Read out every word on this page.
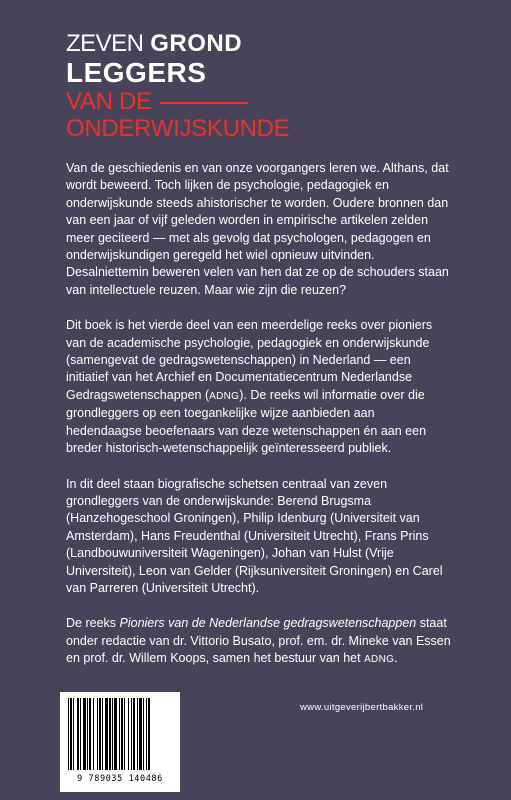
ZEVEN GROND
LEGGERS
VAN DE
ONDERWIJSKUNDE

Van de geschiedenis en van onze voorgangers leren we. Althans, dat wordt beweerd. Toch lijken de psychologie, pedagogiek en onderwijskunde steeds ahistorischer te worden. Oudere bronnen dan van een jaar of vijf geleden worden in empirische artikelen zelden meer geciteerd — met als gevolg dat psychologen, pedagogen en onderwijskundigen geregeld het wiel opnieuw uitvinden. Desalniettemin beweren velen van hen dat ze op de schouders staan van intellectuele reuzen. Maar wie zijn die reuzen?

Dit boek is het vierde deel van een meerdelige reeks over pioniers van de academische psychologie, pedagogiek en onderwijskunde (samengevat de gedragswetenschappen) in Nederland — een initiatief van het Archief en Documentatiecentrum Nederlandse Gedragswetenschappen (ADNG). De reeks wil informatie over die grondleggers op een toegankelijke wijze aanbieden aan hedendaagse beoefenaars van deze wetenschappen én aan een breder historisch-wetenschappelijk geïnteresseerd publiek.

In dit deel staan biografische schetsen centraal van zeven grondleggers van de onderwijskunde: Berend Brugsma (Hanzehogeschool Groningen), Philip Idenburg (Universiteit van Amsterdam), Hans Freudenthal (Universiteit Utrecht), Frans Prins (Landbouwuniversiteit Wageningen), Johan van Hulst (Vrije Universiteit), Leon van Gelder (Rijksuniversiteit Groningen) en Carel van Parreren (Universiteit Utrecht).

De reeks Pioniers van de Nederlandse gedragswetenschappen staat onder redactie van dr. Vittorio Busato, prof. em. dr. Mineke van Essen en prof. dr. Willem Koops, samen het bestuur van het ADNG.

9 789035 140486
www.uitgeverijbertbakker.nl
